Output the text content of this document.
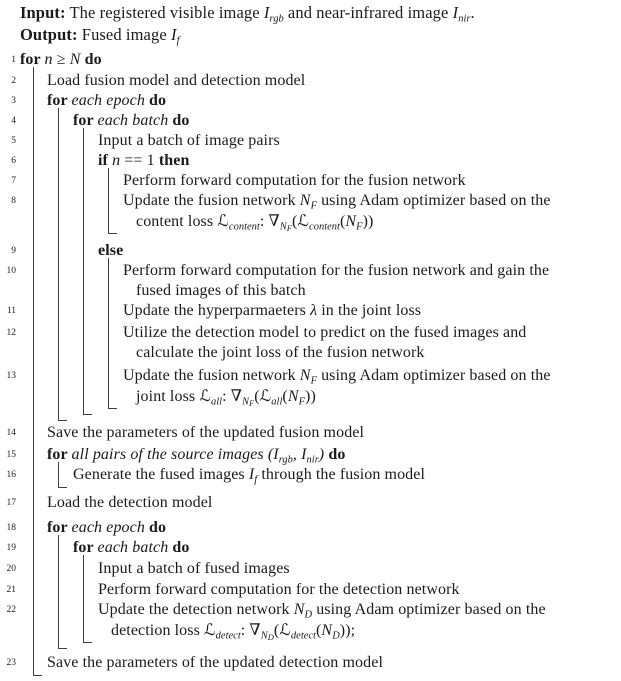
Input: The registered visible image $I_{rgb}$ and near-infrared image $I_{nir}$.
Output: Fused image $I_f$
for n ≥ N do
1
Load fusion model and detection model
2
for each epoch do
3
for each batch do
4
Input a batch of image pairs
5
if n == 1 then
6
Perform forward computation for the fusion network
7
Update the fusion network $N_F$ using Adam optimizer based on the
8
content loss ℒ$_{content}$: $\nabla_{NF}(ℒ_{content}(N_F))$
else
9
Perform forward computation for the fusion network and gain the
10
fused images of this batch
Update the hyperparmaeters λ in the joint loss
11
Utilize the detection model to predict on the fused images and
12
calculate the joint loss of the fusion network
Update the fusion network $N_F$ using Adam optimizer based on the
13
joint loss ℒ$_{all}$: $\nabla_{NF}(ℒ_{all}(N_F))$
Save the parameters of the updated fusion model
14
for all pairs of the source images ($I_{rgb}$, $I_{nir}$) do
15
Generate the fused images $I_f$ through the fusion model
16
Load the detection model
17
for each epoch do
18
for each batch do
19
Input a batch of fused images
20
Perform forward computation for the detection network
21
Update the detection network $N_D$ using Adam optimizer based on the
22
detection loss ℒ$_{detect}$: $\nabla_{ND}(ℒ_{detect}(N_D))$;
Save the parameters of the updated detection model
23
